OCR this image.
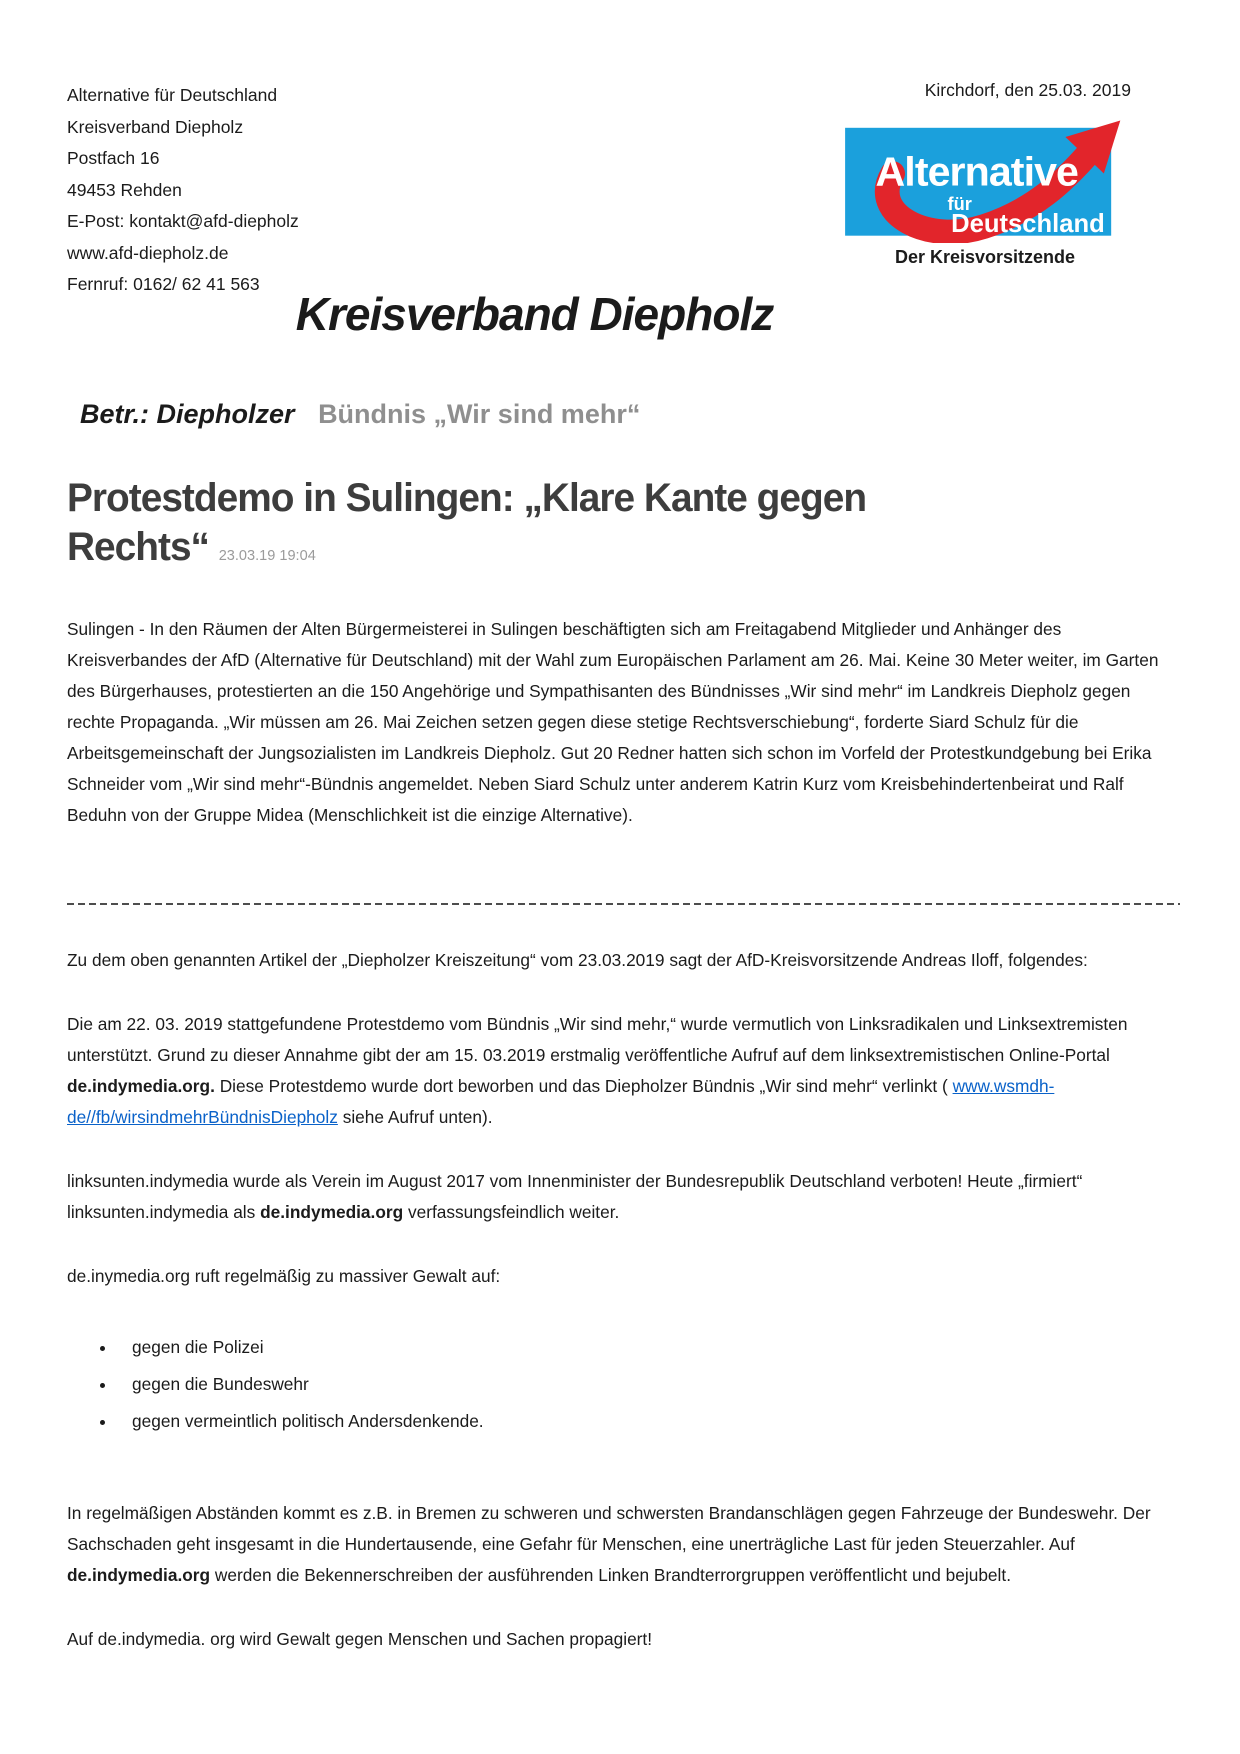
Alternative für Deutschland
Kreisverband Diepholz
Postfach 16
49453 Rehden
E-Post: kontakt@afd-diepholz
www.afd-diepholz.de
Fernruf: 0162/ 62 41 563
Kirchdorf, den 25.03. 2019
Alternative
für
Deutschland
Der Kreisvorsitzende
Kreisverband Diepholz
Betr.: Diepholzer Bündnis „Wir sind mehr“
Protestdemo in Sulingen: „Klare Kante gegen
Rechts“ 23.03.19 19:04

Sulingen - In den Räumen der Alten Bürgermeisterei in Sulingen beschäftigten sich am Freitagabend Mitglieder und Anhänger des Kreisverbandes der AfD (Alternative für Deutschland) mit der Wahl zum Europäischen Parlament am 26. Mai. Keine 30 Meter weiter, im Garten des Bürgerhauses, protestierten an die 150 Angehörige und Sympathisanten des Bündnisses „Wir sind mehr“ im Landkreis Diepholz gegen rechte Propaganda. „Wir müssen am 26. Mai Zeichen setzen gegen diese stetige Rechtsverschiebung“, forderte Siard Schulz für die Arbeitsgemeinschaft der Jungsozialisten im Landkreis Diepholz. Gut 20 Redner hatten sich schon im Vorfeld der Protestkundgebung bei Erika Schneider vom „Wir sind mehr“-Bündnis angemeldet. Neben Siard Schulz unter anderem Katrin Kurz vom Kreisbehindertenbeirat und Ralf Beduhn von der Gruppe Midea (Menschlichkeit ist die einzige Alternative).

Zu dem oben genannten Artikel der „Diepholzer Kreiszeitung“ vom 23.03.2019 sagt der AfD-Kreisvorsitzende Andreas Iloff, folgendes:

Die am 22. 03. 2019 stattgefundene Protestdemo vom Bündnis „Wir sind mehr,“ wurde vermutlich von Linksradikalen und Linksextremisten unterstützt. Grund zu dieser Annahme gibt der am 15. 03.2019 erstmalig veröffentliche Aufruf auf dem linksextremistischen Online-Portal de.indymedia.org. Diese Protestdemo wurde dort beworben und das Diepholzer Bündnis „Wir sind mehr“ verlinkt ( www.wsmdh-de//fb/wirsindmehrBündnisDiepholz siehe Aufruf unten).

linksunten.indymedia wurde als Verein im August 2017 vom Innenminister der Bundesrepublik Deutschland verboten! Heute „firmiert“ linksunten.indymedia als de.indymedia.org verfassungsfeindlich weiter.

de.inymedia.org ruft regelmäßig zu massiver Gewalt auf:

• gegen die Polizei
• gegen die Bundeswehr
• gegen vermeintlich politisch Andersdenkende.

In regelmäßigen Abständen kommt es z.B. in Bremen zu schweren und schwersten Brandanschlägen gegen Fahrzeuge der Bundeswehr. Der Sachschaden geht insgesamt in die Hundertausende, eine Gefahr für Menschen, eine unerträgliche Last für jeden Steuerzahler. Auf de.indymedia.org werden die Bekennerschreiben der ausführenden Linken Brandterrorgruppen veröffentlicht und bejubelt.

Auf de.indymedia. org wird Gewalt gegen Menschen und Sachen propagiert!
